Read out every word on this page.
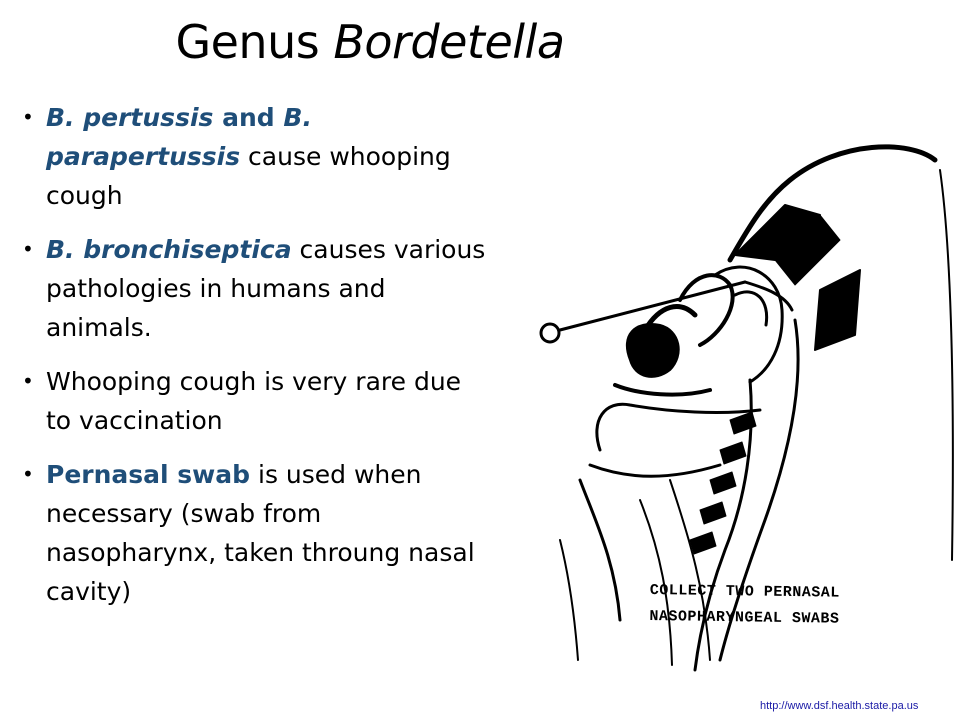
Genus Bordetella
• B. pertussis and B. parapertussis cause whooping cough
• B. bronchiseptica causes various pathologies in humans and animals.
• Whooping cough is very rare due to vaccination
• Pernasal swab is used when necessary (swab from nasopharynx, taken throung nasal cavity)	COLLECT TWO PERNASAL
NASOPHARYNGEAL SWABS
http://www.dsf.health.state.pa.us
